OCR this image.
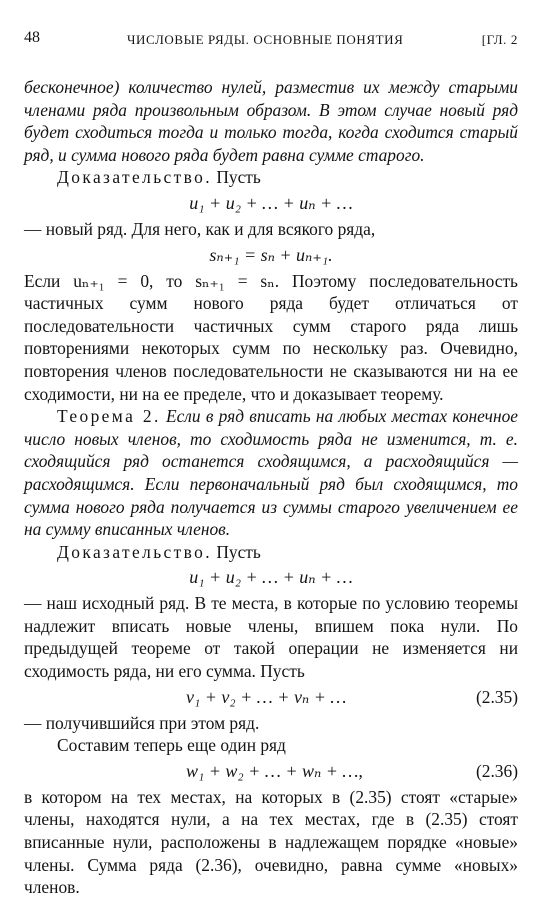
48	ЧИСЛОВЫЕ РЯДЫ. ОСНОВНЫЕ ПОНЯТИЯ	[ГЛ. 2

бесконечное) количество нулей, разместив их между старыми членами ряда произвольным образом. В этом случае новый ряд будет сходиться тогда и только тогда, когда сходится старый ряд, и сумма нового ряда будет равна сумме старого.

Доказательство. Пусть

u₁ + u₂ + … + uₙ + …

— новый ряд. Для него, как и для всякого ряда,

sₙ₊₁ = sₙ + uₙ₊₁.

Если uₙ₊₁ = 0, то sₙ₊₁ = sₙ. Поэтому последовательность частичных сумм нового ряда будет отличаться от последовательности частичных сумм старого ряда лишь повторениями некоторых сумм по нескольку раз. Очевидно, повторения членов последовательности не сказываются ни на ее сходимости, ни на ее пределе, что и доказывает теорему.

Теорема 2. Если в ряд вписать на любых местах конечное число новых членов, то сходимость ряда не изменится, т. е. сходящийся ряд останется сходящимся, а расходящийся — расходящимся. Если первоначальный ряд был сходящимся, то сумма нового ряда получается из суммы старого увеличением ее на сумму вписанных членов.

Доказательство. Пусть

u₁ + u₂ + … + uₙ + …

— наш исходный ряд. В те места, в которые по условию теоремы надлежит вписать новые члены, впишем пока нули. По предыдущей теореме от такой операции не изменяется ни сходимость ряда, ни его сумма. Пусть

v₁ + v₂ + … + vₙ + …	(2.35)

— получившийся при этом ряд.

Составим теперь еще один ряд

w₁ + w₂ + … + wₙ + …,	(2.36)

в котором на тех местах, на которых в (2.35) стоят «старые» члены, находятся нули, а на тех местах, где в (2.35) стоят вписанные нули, расположены в надлежащем порядке «новые» члены. Сумма ряда (2.36), очевидно, равна сумме «новых» членов.
